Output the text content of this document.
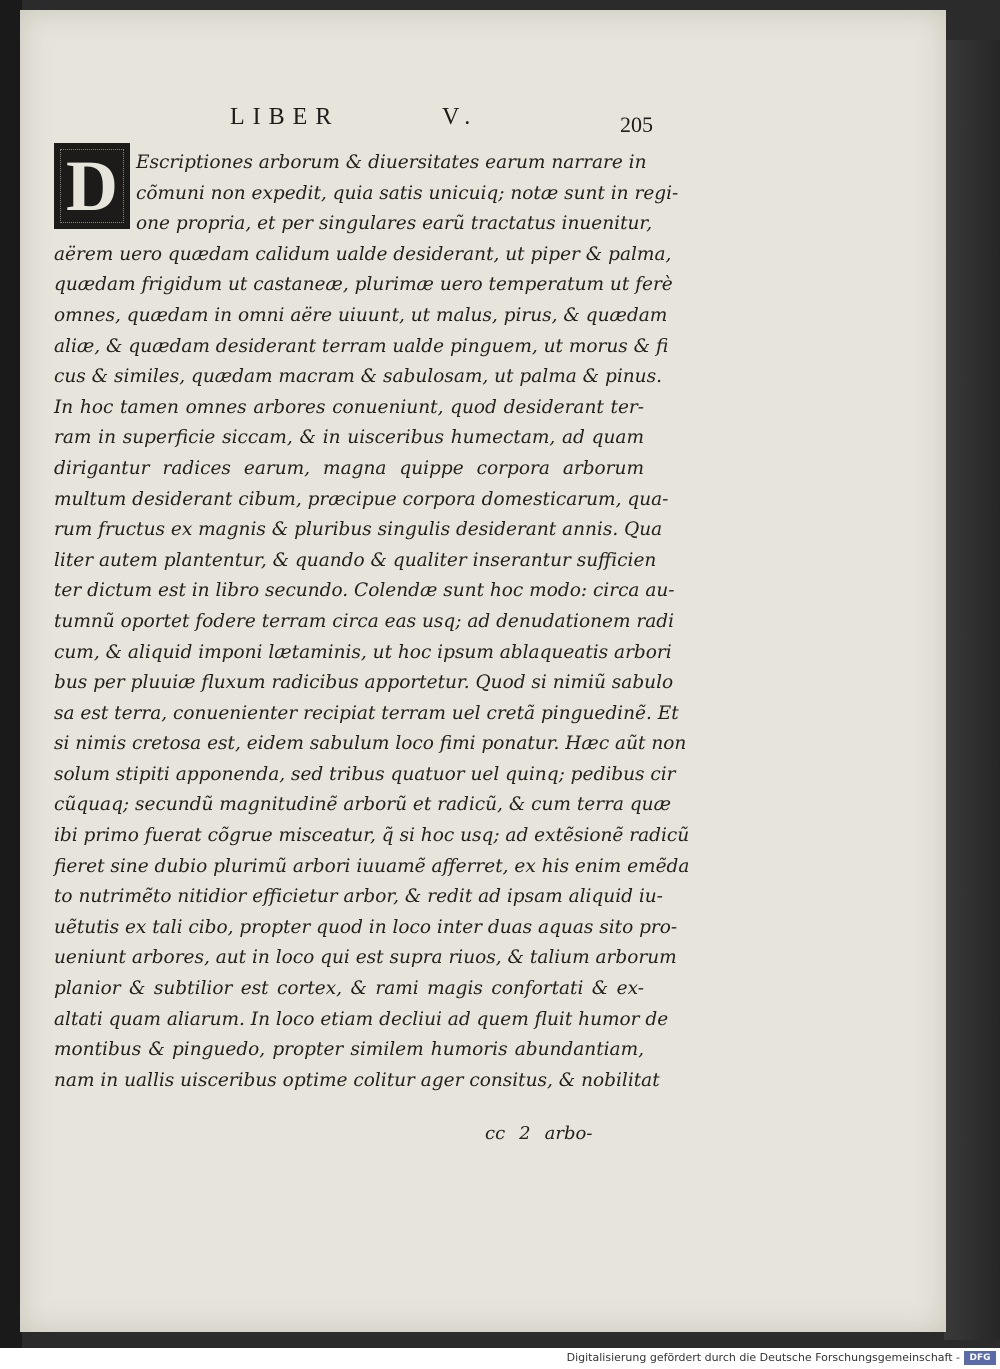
LIBER	V.	205
D Escriptiones arborum & diuersitates earum narrare in
cõmuni non expedit, quia satis unicuiq; notæ sunt in regi-
one propria, et per singulares earũ tractatus inuenitur,
aërem uero quædam calidum ualde desiderant, ut piper & palma,
quædam frigidum ut castaneæ, plurimæ uero temperatum ut ferè
omnes, quædam in omni aëre uiuunt, ut malus, pirus, & quædam
aliæ, & quædam desiderant terram ualde pinguem, ut morus & fi
cus & similes, quædam macram & sabulosam, ut palma & pinus.
In hoc tamen omnes arbores conueniunt, quod desiderant ter-
ram in superficie siccam, & in uisceribus humectam, ad quam
dirigantur radices earum, magna quippe corpora arborum
multum desiderant cibum, præcipue corpora domesticarum, qua-
rum fructus ex magnis & pluribus singulis desiderant annis. Qua
liter autem plantentur, & quando & qualiter inserantur sufficien
ter dictum est in libro secundo. Colendæ sunt hoc modo: circa au-
tumnũ oportet fodere terram circa eas usq; ad denudationem radi
cum, & aliquid imponi lætaminis, ut hoc ipsum ablaqueatis arbori
bus per pluuiæ fluxum radicibus apportetur. Quod si nimiũ sabulo
sa est terra, conuenienter recipiat terram uel cretã pinguedinẽ. Et
si nimis cretosa est, eidem sabulum loco fimi ponatur. Hæc aũt non
solum stipiti apponenda, sed tribus quatuor uel quinq; pedibus cir
cũquaq; secundũ magnitudinẽ arborũ et radicũ, & cum terra quæ
ibi primo fuerat cõgrue misceatur, q̃ si hoc usq; ad extẽsionẽ radicũ
fieret sine dubio plurimũ arbori iuuamẽ afferret, ex his enim emẽda
to nutrimẽto nitidior efficietur arbor, & redit ad ipsam aliquid iu-
uẽtutis ex tali cibo, propter quod in loco inter duas aquas sito pro-
ueniunt arbores, aut in loco qui est supra riuos, & talium arborum
planior & subtilior est cortex, & rami magis confortati & ex-
altati quam aliarum. In loco etiam decliui ad quem fluit humor de
montibus & pinguedo, propter similem humoris abundantiam,
nam in uallis uisceribus optime colitur ager consitus, & nobilitat
cc 2 arbo-
Digitalisierung gefördert durch die Deutsche Forschungsgemeinschaft -	DFG
